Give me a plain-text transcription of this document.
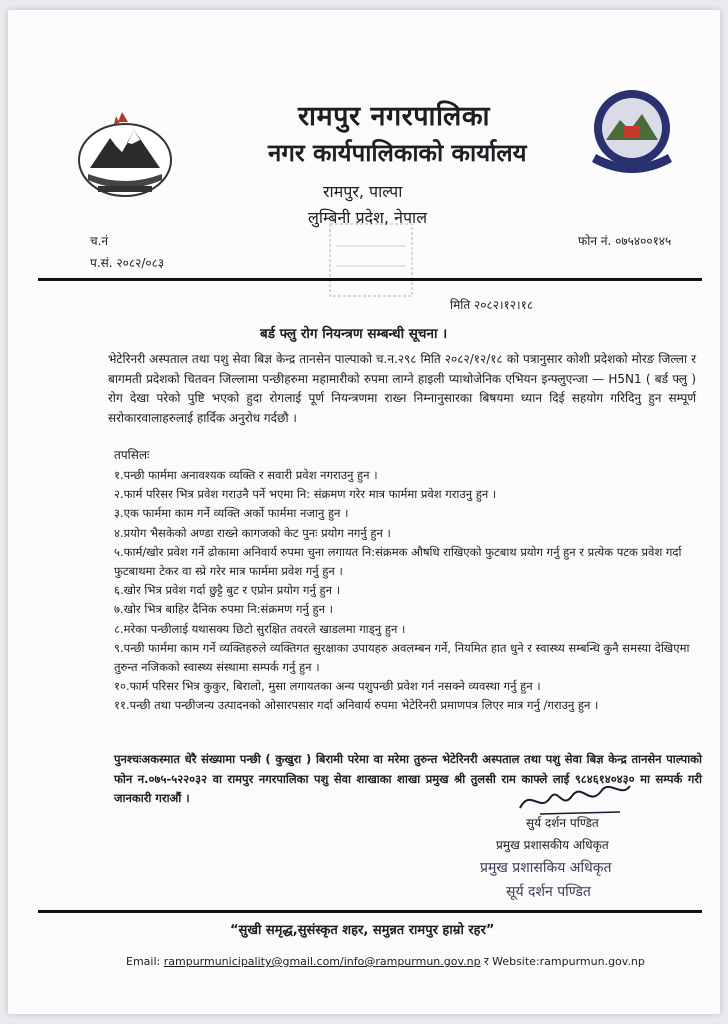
रामपुर नगरपालिका
नगर कार्यपालिकाको कार्यालय
रामपुर, पाल्पा
लुम्बिनी प्रदेश, नेपाल
च.नं
प.सं. २०८२/०८३
फोन नं. ०७५४००१४५
मिति २०८२।१२।१८
बर्ड फ्लु रोग नियन्त्रण सम्बन्धी सूचना ।
भेटेरिनरी अस्पताल तथा पशु सेवा बिज्ञ केन्द्र तानसेन पाल्पाको च.न.२९८ मिति २०८२/१२/१८ को पत्रानुसार कोशी प्रदेशको मोरङ जिल्ला र बागमती प्रदेशको चितवन जिल्लामा पन्छीहरुमा महामारीको रुपमा लाग्ने हाइली प्याथोजेनिक एभियन इन्फ्लुएन्जा — H5N1 ( बर्ड फ्लु ) रोग देखा परेको पुष्टि भएको हुदा रोगलाई पूर्ण नियन्त्रणमा राख्न निम्नानुसारका बिषयमा ध्यान दिई सहयोग गरिदिनु हुन सम्पूर्ण सरोकारवालाहरुलाई हार्दिक अनुरोध गर्दछौ ।
तपसिलः
१.पन्छी फार्ममा अनावश्यक व्यक्ति र सवारी प्रवेश नगराउनु हुन ।
२.फार्म परिसर भित्र प्रवेश गराउनै पर्ने भएमा नि: संक्रमण गरेर मात्र फार्ममा प्रवेश गराउनु हुन ।
३.एक फार्ममा काम गर्ने व्यक्ति अर्को फार्ममा नजानु हुन ।
४.प्रयोग भैसकेको अण्डा राख्ने कागजको केट पुनः प्रयोग नगर्नु हुन ।
५.फार्म/खोर प्रवेश गर्ने ढोकामा अनिवार्य रुपमा चुना लगायत नि:संक्रमक औषधि राखिएको फुटबाथ प्रयोग गर्नु हुन र प्रत्येक पटक प्रवेश गर्दा फुटबाथमा टेकर वा स्प्रे गरेर मात्र फार्ममा प्रवेश गर्नु हुन ।
६.खोर भित्र प्रवेश गर्दा छुट्टै बुट र एप्रोन प्रयोग गर्नु हुन ।
७.खोर भित्र बाहिर दैनिक रुपमा नि:संक्रमण गर्नु हुन ।
८.मरेका पन्छीलाई यथासक्य छिटो सुरक्षित तवरले खाडलमा गाड्नु हुन ।
९.पन्छी फार्ममा काम गर्ने व्यक्तिहरुले व्यक्तिगत सुरक्षाका उपायहरु अवलम्बन गर्ने, नियमित हात धुने र स्वास्थ्य सम्बन्धि कुनै समस्या देखिएमा तुरुन्त नजिकको स्वास्थ्य संस्थामा सम्पर्क गर्नु हुन ।
१०.फार्म परिसर भित्र कुकुर, बिरालो, मुसा लगायतका अन्य पशुपन्छी प्रवेश गर्न नसक्ने व्यवस्था गर्नु हुन ।
११.पन्छी तथा पन्छीजन्य उत्पादनको ओसारपसार गर्दा अनिवार्य रुपमा भेटेरिनरी प्रमाणपत्र लिएर मात्र गर्नु /गराउनु हुन ।
पुनश्चःअकस्मात धेरै संख्यामा पन्छी ( कुखुरा ) बिरामी परेमा वा मरेमा तुरुन्त भेटेरिनरी अस्पताल तथा पशु सेवा बिज्ञ केन्द्र तानसेन पाल्पाको फोन न.०७५-५२२०३२ वा रामपुर नगरपालिका पशु सेवा शाखाका शाखा प्रमुख श्री तुलसी राम काफ्ले लाई ९८४६१४०४३० मा सम्पर्क गरी जानकारी गराऔं ।
सुर्य दर्शन पण्डित
प्रमुख प्रशासकीय अधिकृत
प्रमुख प्रशासकिय अधिकृत
सूर्य दर्शन पण्डित
“सुखी समृद्ध,सुसंस्कृत शहर, समुन्नत रामपुर हाम्रो रहर”
Email: rampurmunicipality@gmail.com/info@rampurmun.gov.np र Website:rampurmun.gov.np
